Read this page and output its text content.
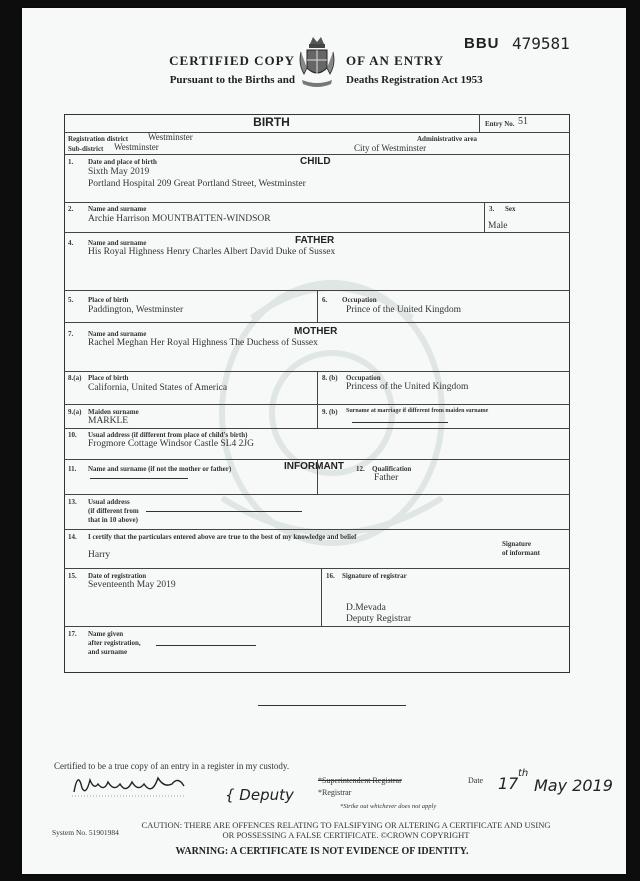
BBU 479581
CERTIFIED COPY	OF AN ENTRY
Pursuant to the Births and	Deaths Registration Act 1953
BIRTH	Entry No. 51
Registration district Westminster	Administrative area
Sub-district Westminster	City of Westminster
1. Date and place of birth	CHILD
Sixth May 2019
Portland Hospital 209 Great Portland Street, Westminster
2. Name and surname
Archie Harrison MOUNTBATTEN-WINDSOR
3. Sex
Male
4. Name and surname	FATHER
His Royal Highness Henry Charles Albert David Duke of Sussex
5. Place of birth
Paddington, Westminster
6. Occupation
Prince of the United Kingdom
7. Name and surname	MOTHER
Rachel Meghan Her Royal Highness The Duchess of Sussex
8.(a) Place of birth
California, United States of America
8. (b) Occupation
Princess of the United Kingdom
9.(a) Maiden surname
MARKLE
9. (b) Surname at marriage if different from maiden surname
10. Usual address (if different from place of child's birth)
Frogmore Cottage Windsor Castle SL4 2JG
11. Name and surname (if not the mother or father)	INFORMANT 12. Qualification
Father
13. Usual address
(if different from
that in 10 above)
14. I certify that the particulars entered above are true to the best of my knowledge and belief
Signature
of informant
Harry
15. Date of registration
Seventeenth May 2019
16. Signature of registrar
D.Mevada
Deputy Registrar
17. Name given
after registration,
and surname
Certified to be a true copy of an entry in a register in my custody.
{ Deputy
*Superintendent Registrar
*Registrar
Date 17
th
May 2019
*Strike out whichever does not apply
System No. 51901984
CAUTION: THERE ARE OFFENCES RELATING TO FALSIFYING OR ALTERING A CERTIFICATE AND USING
OR POSSESSING A FALSE CERTIFICATE. ©CROWN COPYRIGHT
WARNING: A CERTIFICATE IS NOT EVIDENCE OF IDENTITY.
